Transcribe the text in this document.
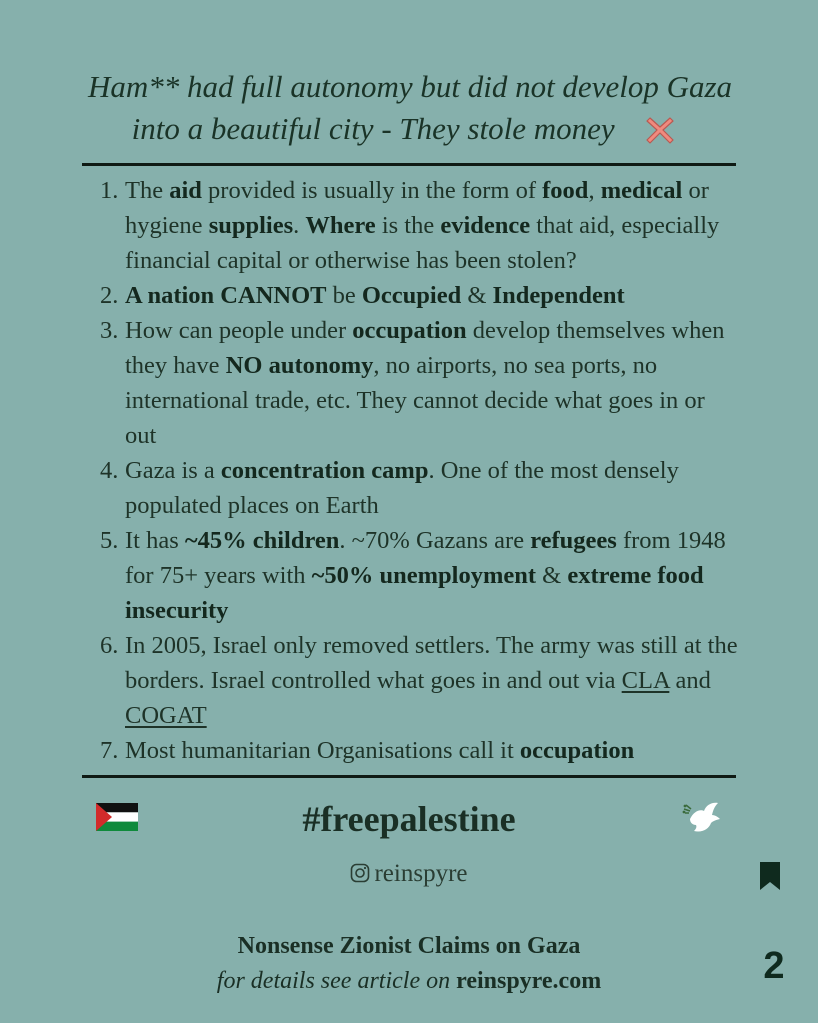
Ham** had full autonomy but did not develop Gaza
into a beautiful city - They stole money
1. The aid provided is usually in the form of food, medical or hygiene supplies. Where is the evidence that aid, especially financial capital or otherwise has been stolen?
2. A nation CANNOT be Occupied & Independent
3. How can people under occupation develop themselves when they have NO autonomy, no airports, no sea ports, no international trade, etc. They cannot decide what goes in or out
4. Gaza is a concentration camp. One of the most densely populated places on Earth
5. It has ~45% children. ~70% Gazans are refugees from 1948 for 75+ years with ~50% unemployment & extreme food insecurity
6. In 2005, Israel only removed settlers. The army was still at the borders. Israel controlled what goes in and out via CLA and COGAT
7. Most humanitarian Organisations call it occupation
#freepalestine
reinspyre
Nonsense Zionist Claims on Gaza
for details see article on reinspyre.com	2
